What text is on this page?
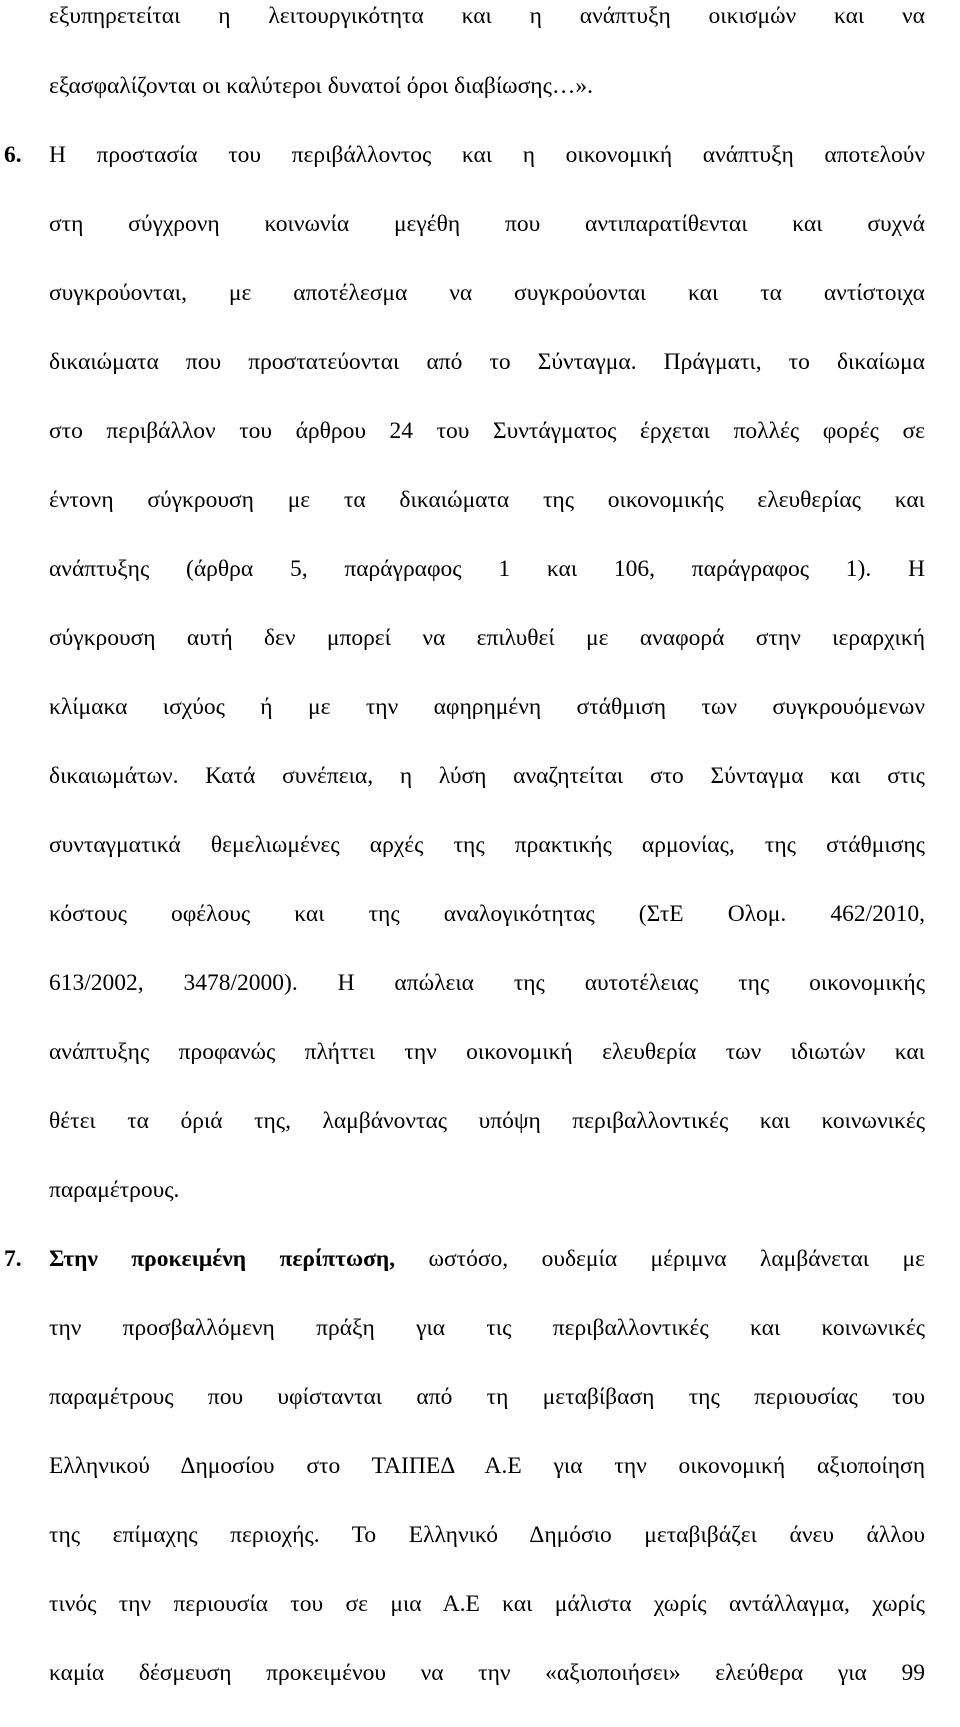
εξυπηρετείται η λειτουργικότητα και η ανάπτυξη οικισμών και να
εξασφαλίζονται οι καλύτεροι δυνατοί όροι διαβίωσης…».
6. Η προστασία του περιβάλλοντος και η οικονομική ανάπτυξη αποτελούν
στη σύγχρονη κοινωνία μεγέθη που αντιπαρατίθενται και συχνά
συγκρούονται, με αποτέλεσμα να συγκρούονται και τα αντίστοιχα
δικαιώματα που προστατεύονται από το Σύνταγμα. Πράγματι, το δικαίωμα
στο περιβάλλον του άρθρου 24 του Συντάγματος έρχεται πολλές φορές σε
έντονη σύγκρουση με τα δικαιώματα της οικονομικής ελευθερίας και
ανάπτυξης (άρθρα 5, παράγραφος 1 και 106, παράγραφος 1). Η
σύγκρουση αυτή δεν μπορεί να επιλυθεί με αναφορά στην ιεραρχική
κλίμακα ισχύος ή με την αφηρημένη στάθμιση των συγκρουόμενων
δικαιωμάτων. Κατά συνέπεια, η λύση αναζητείται στο Σύνταγμα και στις
συνταγματικά θεμελιωμένες αρχές της πρακτικής αρμονίας, της στάθμισης
κόστους οφέλους και της αναλογικότητας (ΣτΕ Ολομ. 462/2010,
613/2002, 3478/2000). Η απώλεια της αυτοτέλειας της οικονομικής
ανάπτυξης προφανώς πλήττει την οικονομική ελευθερία των ιδιωτών και
θέτει τα όριά της, λαμβάνοντας υπόψη περιβαλλοντικές και κοινωνικές
παραμέτρους.
7. Στην προκειμένη περίπτωση, ωστόσο, ουδεμία μέριμνα λαμβάνεται με
την προσβαλλόμενη πράξη για τις περιβαλλοντικές και κοινωνικές
παραμέτρους που υφίστανται από τη μεταβίβαση της περιουσίας του
Ελληνικού Δημοσίου στο ΤΑΙΠΕΔ Α.Ε για την οικονομική αξιοποίηση
της επίμαχης περιοχής. Το Ελληνικό Δημόσιο μεταβιβάζει άνευ άλλου
τινός την περιουσία του σε μια Α.Ε και μάλιστα χωρίς αντάλλαγμα, χωρίς
καμία δέσμευση προκειμένου να την «αξιοποιήσει» ελεύθερα για 99
